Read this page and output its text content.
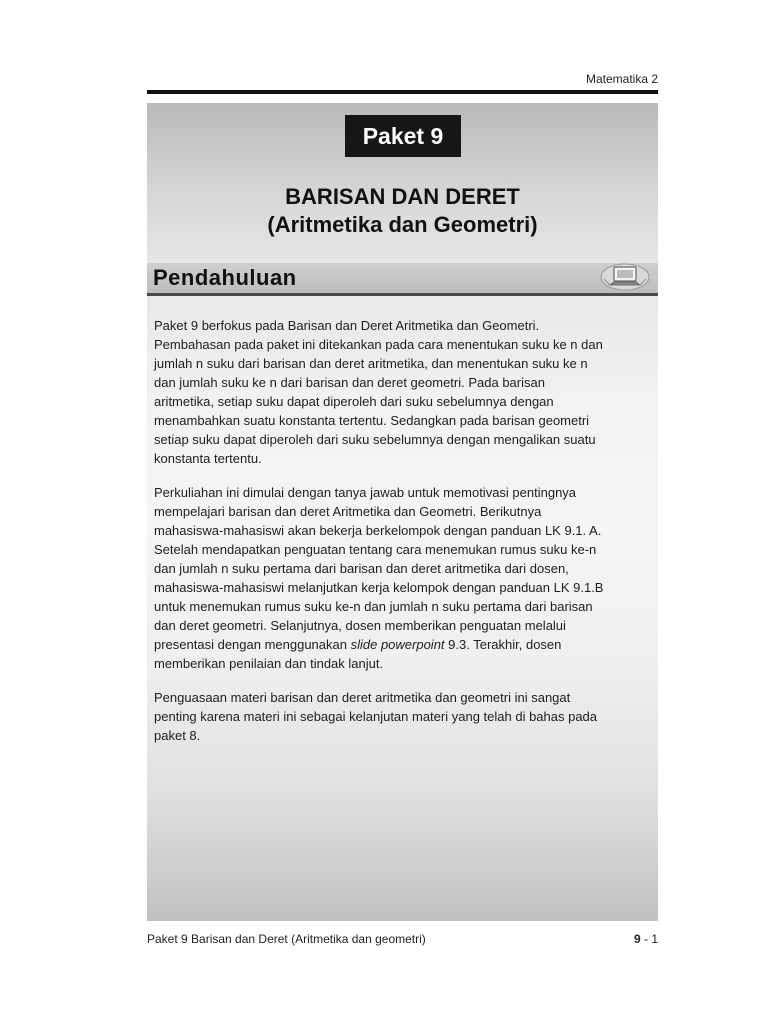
Matematika 2
Paket 9
BARISAN DAN DERET
(Aritmetika dan Geometri)
Pendahuluan

Paket 9 berfokus pada Barisan dan Deret Aritmetika dan Geometri.
Pembahasan pada paket ini ditekankan pada cara menentukan suku ke n dan
jumlah n suku dari barisan dan deret aritmetika, dan menentukan suku ke n
dan jumlah suku ke n dari barisan dan deret geometri. Pada barisan
aritmetika, setiap suku dapat diperoleh dari suku sebelumnya dengan
menambahkan suatu konstanta tertentu. Sedangkan pada barisan geometri
setiap suku dapat diperoleh dari suku sebelumnya dengan mengalikan suatu
konstanta tertentu.

Perkuliahan ini dimulai dengan tanya jawab untuk memotivasi pentingnya
mempelajari barisan dan deret Aritmetika dan Geometri. Berikutnya
mahasiswa-mahasiswi akan bekerja berkelompok dengan panduan LK 9.1. A.
Setelah mendapatkan penguatan tentang cara menemukan rumus suku ke-n
dan jumlah n suku pertama dari barisan dan deret aritmetika dari dosen,
mahasiswa-mahasiswi melanjutkan kerja kelompok dengan panduan LK 9.1.B
untuk menemukan rumus suku ke-n dan jumlah n suku pertama dari barisan
dan deret geometri. Selanjutnya, dosen memberikan penguatan melalui
presentasi dengan menggunakan slide powerpoint 9.3. Terakhir, dosen
memberikan penilaian dan tindak lanjut.

Penguasaan materi barisan dan deret aritmetika dan geometri ini sangat
penting karena materi ini sebagai kelanjutan materi yang telah di bahas pada
paket 8.

Paket 9 Barisan dan Deret (Aritmetika dan geometri)	9 - 1
